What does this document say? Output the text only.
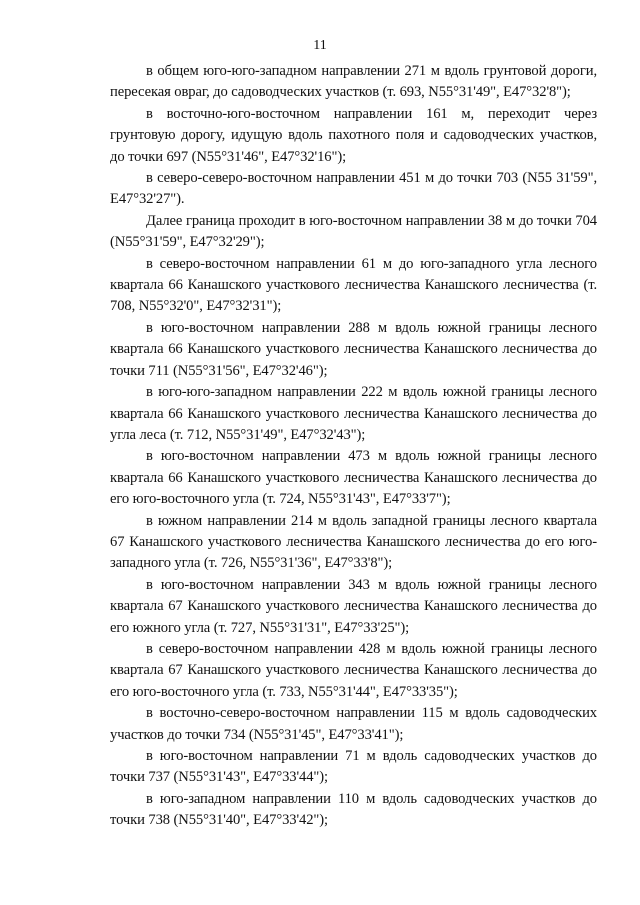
11

в общем юго-юго-западном направлении 271 м вдоль грунтовой дороги, пересекая овраг, до садоводческих участков (т. 693, N55°31'49", E47°32'8");

в восточно-юго-восточном направлении 161 м, переходит через грунтовую дорогу, идущую вдоль пахотного поля и садоводческих участков, до точки 697 (N55°31'46", E47°32'16");

в северо-северо-восточном направлении 451 м до точки 703 (N55 31'59", E47°32'27").

Далее граница проходит в юго-восточном направлении 38 м до точки 704 (N55°31'59", E47°32'29");

в северо-восточном направлении 61 м до юго-западного угла лесного квартала 66 Канашского участкового лесничества Канашского лесничества (т. 708, N55°32'0", E47°32'31");

в юго-восточном направлении 288 м вдоль южной границы лесного квартала 66 Канашского участкового лесничества Канашского лесничества до точки 711 (N55°31'56", E47°32'46");

в юго-юго-западном направлении 222 м вдоль южной границы лесного квартала 66 Канашского участкового лесничества Канашского лесничества до угла леса (т. 712, N55°31'49", E47°32'43");

в юго-восточном направлении 473 м вдоль южной границы лесного квартала 66 Канашского участкового лесничества Канашского лесничества до его юго-восточного угла (т. 724, N55°31'43", E47°33'7");

в южном направлении 214 м вдоль западной границы лесного квартала 67 Канашского участкового лесничества Канашского лесничества до его юго-западного угла (т. 726, N55°31'36", E47°33'8");

в юго-восточном направлении 343 м вдоль южной границы лесного квартала 67 Канашского участкового лесничества Канашского лесничества до его южного угла (т. 727, N55°31'31", E47°33'25");

в северо-восточном направлении 428 м вдоль южной границы лесного квартала 67 Канашского участкового лесничества Канашского лесничества до его юго-восточного угла (т. 733, N55°31'44", E47°33'35");

в восточно-северо-восточном направлении 115 м вдоль садоводческих участков до точки 734 (N55°31'45", E47°33'41");

в юго-восточном направлении 71 м вдоль садоводческих участков до точки 737 (N55°31'43", E47°33'44");

в юго-западном направлении 110 м вдоль садоводческих участков до точки 738 (N55°31'40", E47°33'42");
